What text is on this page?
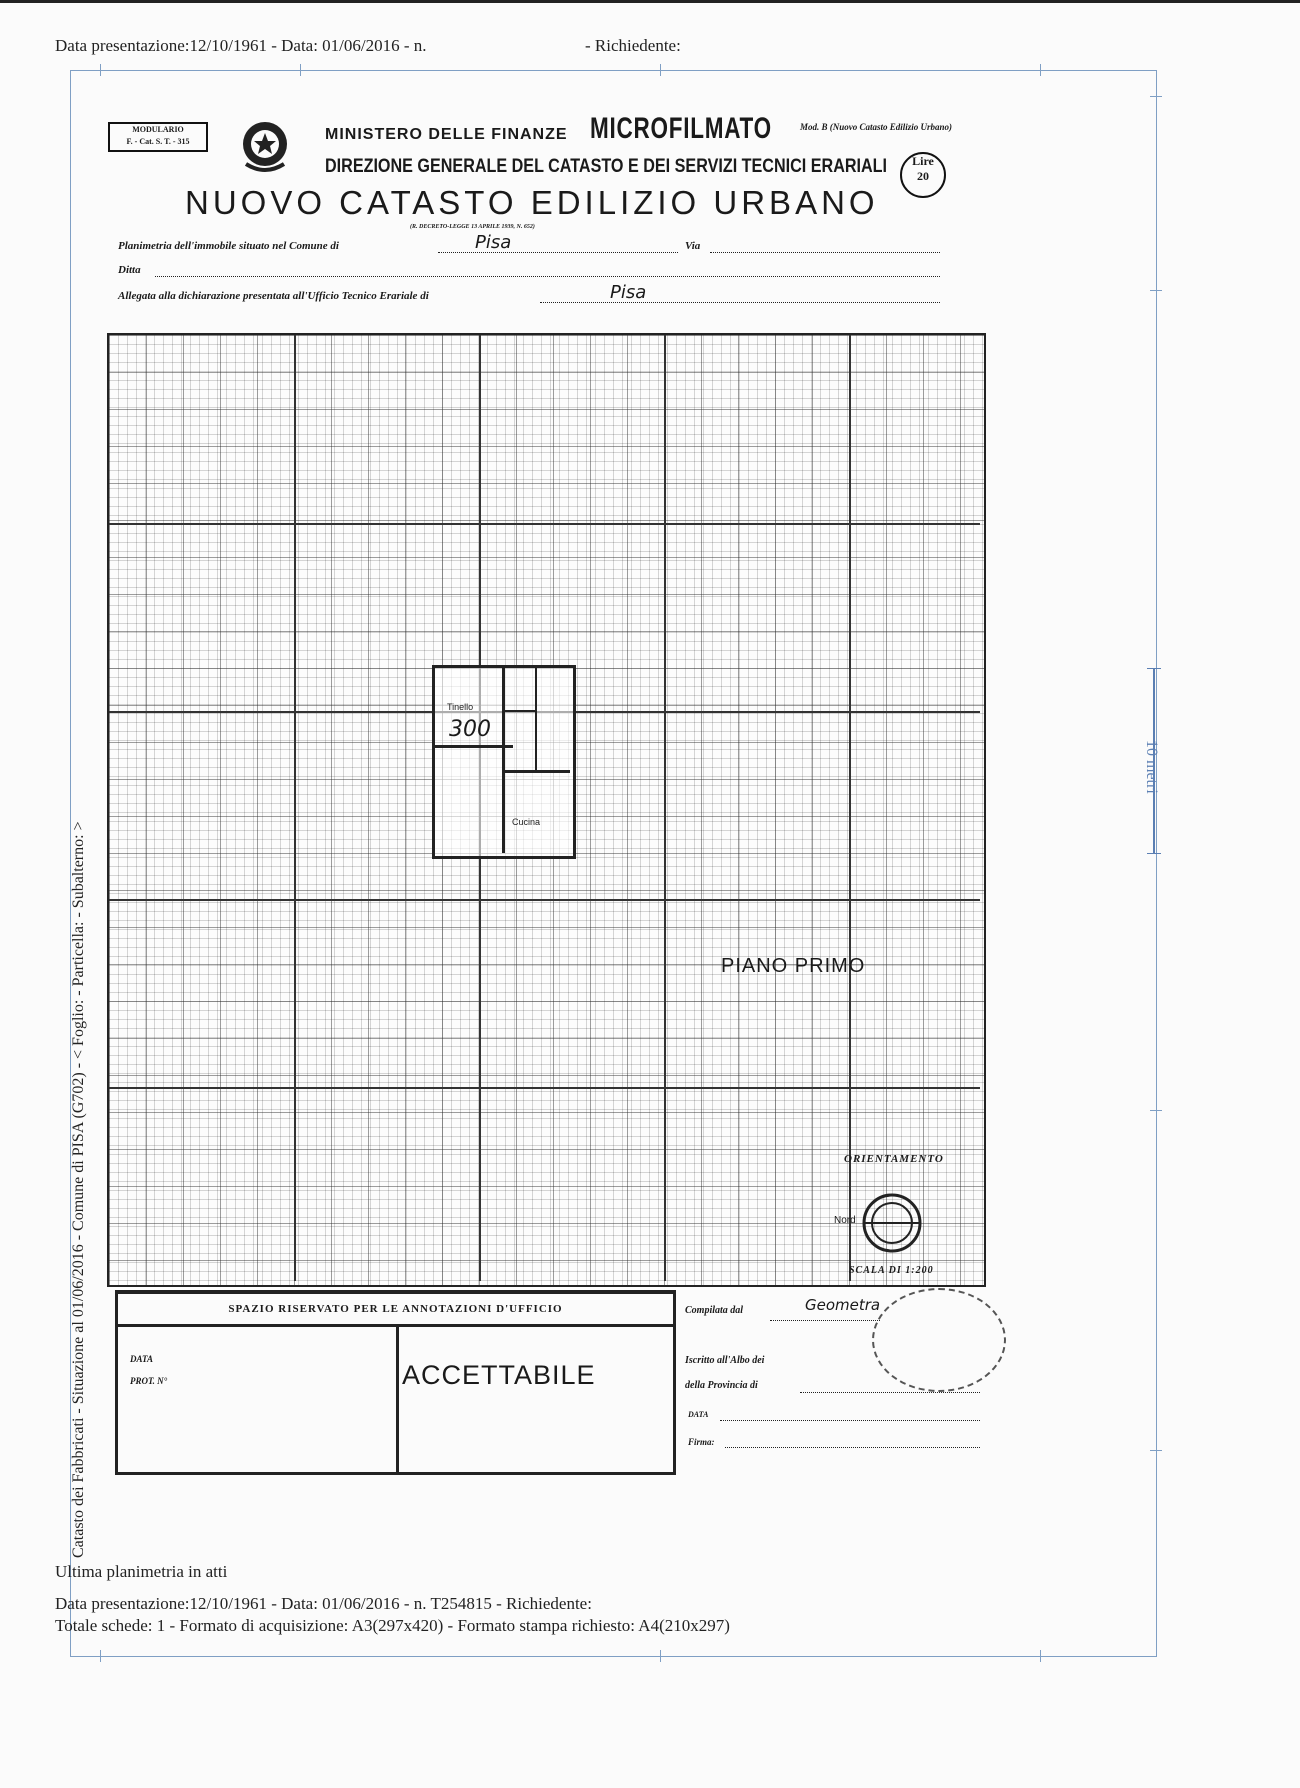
Data presentazione:12/10/1961 - Data: 01/06/2016 - n.	- Richiedente:
Catasto dei Fabbricati - Situazione al 01/06/2016 - Comune di PISA (G702) - < Foglio: - Particella: - Subalterno: >
10 metri
MODULARIO
F. - Cat. S. T. - 315	MINISTERO DELLE FINANZE MICROFILMATO	Mod. B (Nuovo Catasto Edilizio Urbano)
DIREZIONE GENERALE DEL CATASTO E DEI SERVIZI TECNICI ERARIALI	Lire
20
NUOVO CATASTO EDILIZIO URBANO
(R. DECRETO-LEGGE 13 APRILE 1939, N. 652)
Planimetria dell'immobile situato nel Comune di	Pisa	Via
Ditta
Allegata alla dichiarazione presentata all'Ufficio Tecnico Erariale di	Pisa
Tinello
300
Cucina
PIANO PRIMO
ORIENTAMENTO
Nord
SCALA DI 1:200
SPAZIO RISERVATO PER LE ANNOTAZIONI D'UFFICIO
DATA
PROT. N°	ACCETTABILE
Compilata dal	Geometra
Iscritto all'Albo dei
della Provincia di
DATA
Firma:
Ultima planimetria in atti
Data presentazione:12/10/1961 - Data: 01/06/2016 - n. T254815 - Richiedente:
Totale schede: 1 - Formato di acquisizione: A3(297x420) - Formato stampa richiesto: A4(210x297)
